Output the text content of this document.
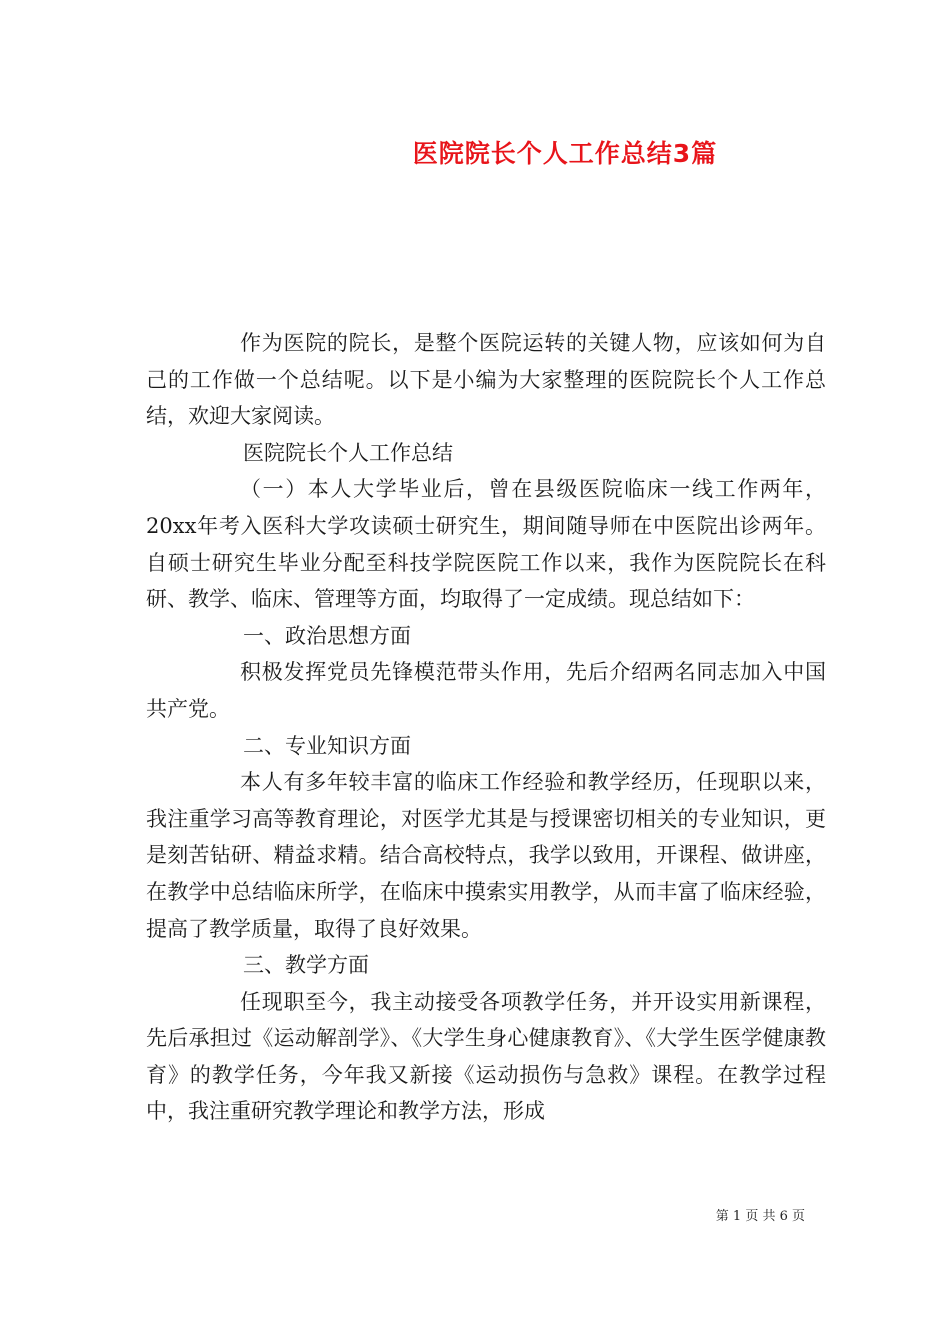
医院院长个人工作总结3篇

作为医院的院长，是整个医院运转的关键人物，应该如何为自己的工作做一个总结呢。以下是小编为大家整理的医院院长个人工作总结，欢迎大家阅读。

医院院长个人工作总结

（一）本人大学毕业后，曾在县级医院临床一线工作两年，20xx年考入医科大学攻读硕士研究生，期间随导师在中医院出诊两年。自硕士研究生毕业分配至科技学院医院工作以来，我作为医院院长在科研、教学、临床、管理等方面，均取得了一定成绩。现总结如下：

一、政治思想方面

积极发挥党员先锋模范带头作用，先后介绍两名同志加入中国共产党。

二、专业知识方面

本人有多年较丰富的临床工作经验和教学经历，任现职以来，我注重学习高等教育理论，对医学尤其是与授课密切相关的专业知识，更是刻苦钻研、精益求精。结合高校特点，我学以致用，开课程、做讲座，在教学中总结临床所学，在临床中摸索实用教学，从而丰富了临床经验，提高了教学质量，取得了良好效果。

三、教学方面

任现职至今，我主动接受各项教学任务，并开设实用新课程，先后承担过《运动解剖学》、《大学生身心健康教育》、《大学生医学健康教育》的教学任务，今年我又新接《运动损伤与急救》课程。在教学过程中，我注重研究教学理论和教学方法，形成

第 1 页 共 6 页
